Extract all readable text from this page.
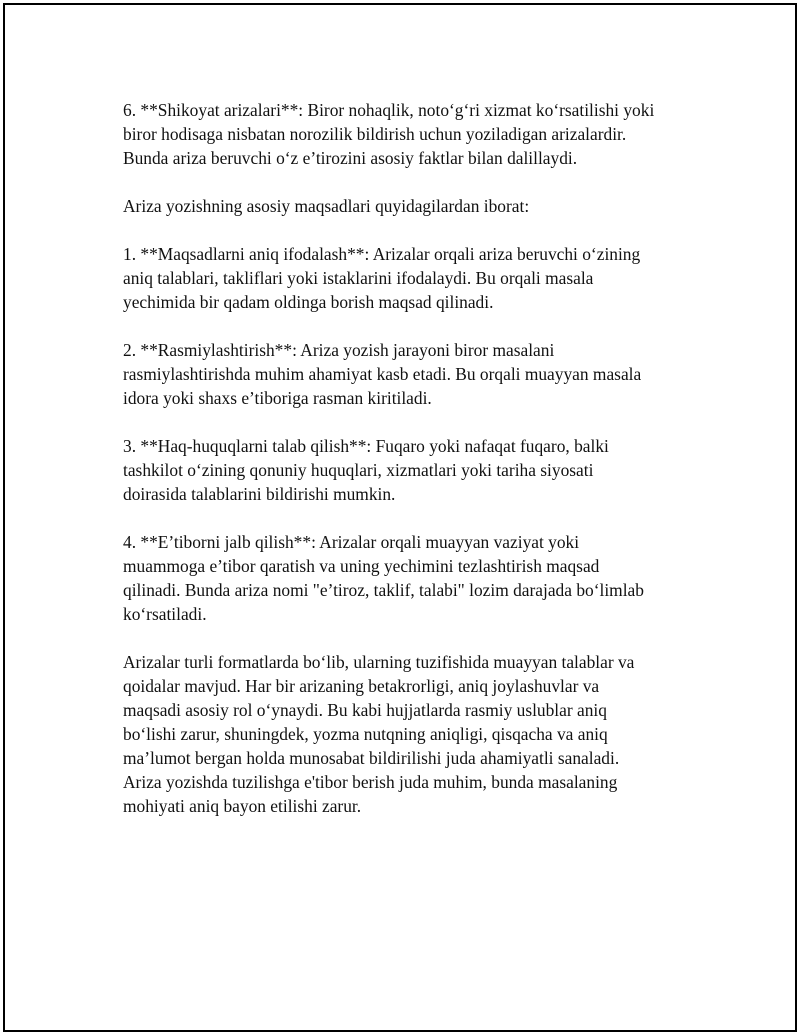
6. **Shikoyat arizalari**: Biror nohaqlik, noto‘g‘ri xizmat ko‘rsatilishi yoki
biror hodisaga nisbatan norozilik bildirish uchun yoziladigan arizalardir.
Bunda ariza beruvchi o‘z e’tirozini asosiy faktlar bilan dalillaydi.

Ariza yozishning asosiy maqsadlari quyidagilardan iborat:

1. **Maqsadlarni aniq ifodalash**: Arizalar orqali ariza beruvchi o‘zining
aniq talablari, takliflari yoki istaklarini ifodalaydi. Bu orqali masala
yechimida bir qadam oldinga borish maqsad qilinadi.

2. **Rasmiylashtirish**: Ariza yozish jarayoni biror masalani
rasmiylashtirishda muhim ahamiyat kasb etadi. Bu orqali muayyan masala
idora yoki shaxs e’tiboriga rasman kiritiladi.

3. **Haq-huquqlarni talab qilish**: Fuqaro yoki nafaqat fuqaro, balki
tashkilot o‘zining qonuniy huquqlari, xizmatlari yoki tariha siyosati
doirasida talablarini bildirishi mumkin.

4. **E’tiborni jalb qilish**: Arizalar orqali muayyan vaziyat yoki
muammoga e’tibor qaratish va uning yechimini tezlashtirish maqsad
qilinadi. Bunda ariza nomi "e’tiroz, taklif, talabi" lozim darajada bo‘limlab
ko‘rsatiladi.

Arizalar turli formatlarda bo‘lib, ularning tuzifishida muayyan talablar va
qoidalar mavjud. Har bir arizaning betakrorligi, aniq joylashuvlar va
maqsadi asosiy rol o‘ynaydi. Bu kabi hujjatlarda rasmiy uslublar aniq
bo‘lishi zarur, shuningdek, yozma nutqning aniqligi, qisqacha va aniq
ma’lumot bergan holda munosabat bildirilishi juda ahamiyatli sanaladi.
Ariza yozishda tuzilishga e'tibor berish juda muhim, bunda masalaning
mohiyati aniq bayon etilishi zarur.
